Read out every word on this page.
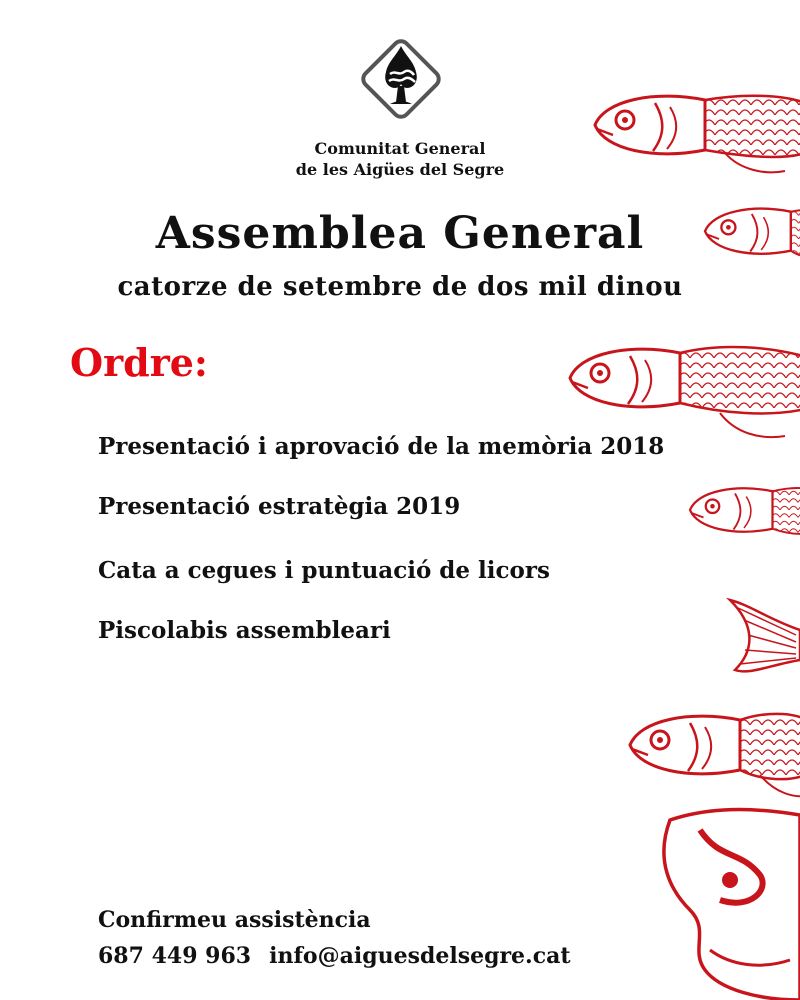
Comunitat General
de les Aigües del Segre
Assemblea General
catorze de setembre de dos mil dinou
Ordre:
Presentació i aprovació de la memòria 2018
Presentació estratègia 2019
Cata a cegues i puntuació de licors
Piscolabis assembleari
Confirmeu assistència
687 449 963 info@aiguesdelsegre.cat
